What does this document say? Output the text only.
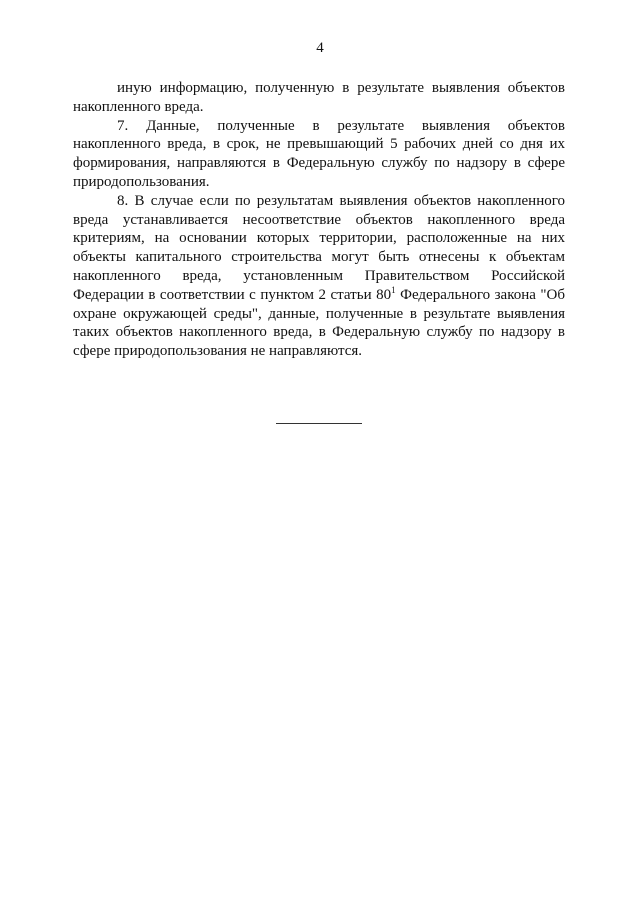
4

иную информацию, полученную в результате выявления объектов накопленного вреда.

7. Данные, полученные в результате выявления объектов накопленного вреда, в срок, не превышающий 5 рабочих дней со дня их формирования, направляются в Федеральную службу по надзору в сфере природопользования.

8. В случае если по результатам выявления объектов накопленного вреда устанавливается несоответствие объектов накопленного вреда критериям, на основании которых территории, расположенные на них объекты капитального строительства могут быть отнесены к объектам накопленного вреда, установленным Правительством Российской Федерации в соответствии с пунктом 2 статьи $80^1$ Федерального закона "Об охране окружающей среды", данные, полученные в результате выявления таких объектов накопленного вреда, в Федеральную службу по надзору в сфере природопользования не направляются.
